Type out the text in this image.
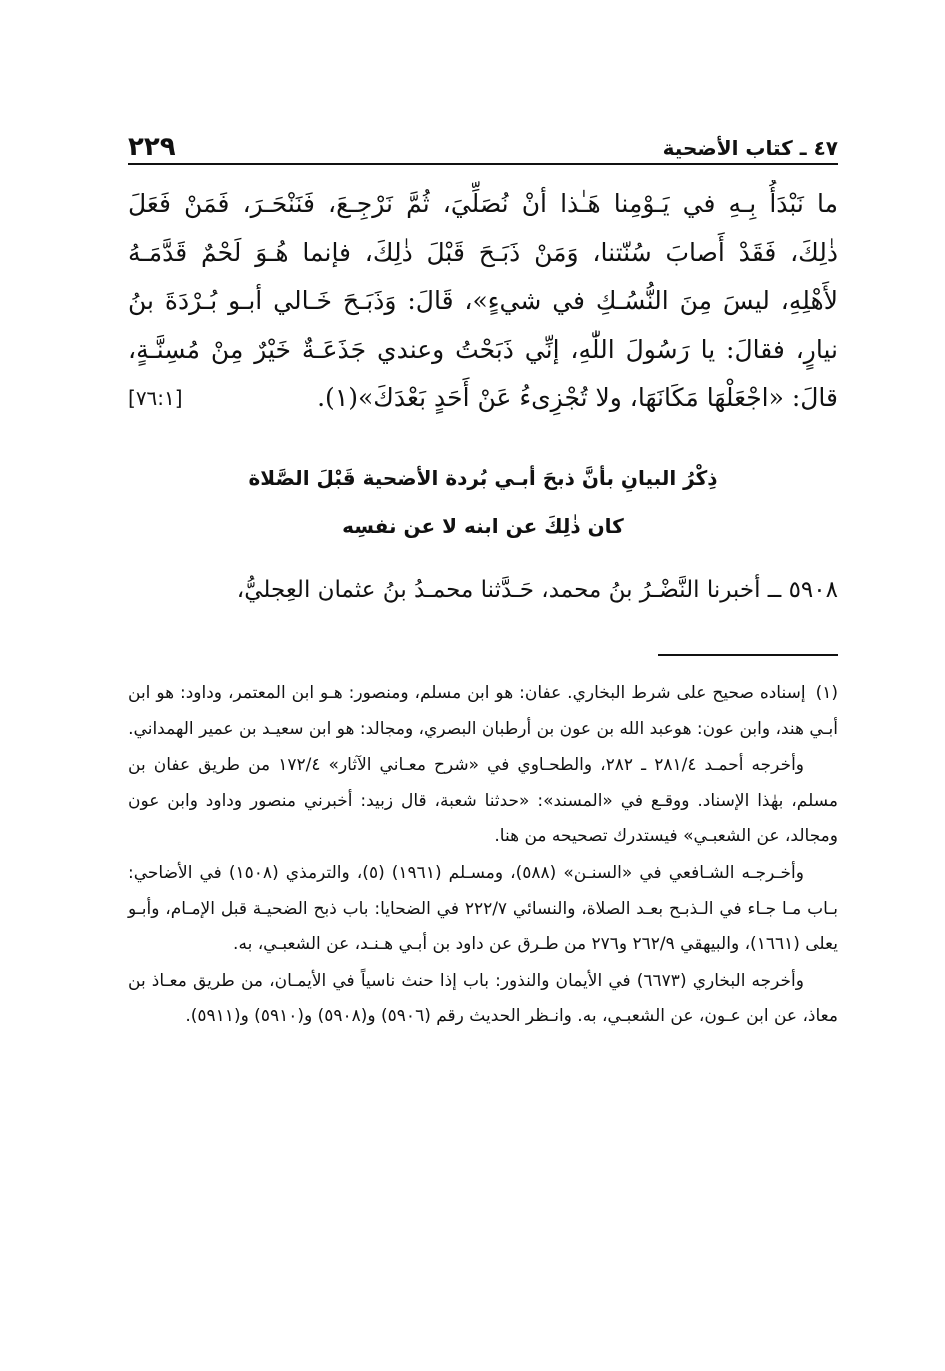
٤٧ ـ كتاب الأضحية
٢٢٩
ما نَبْدَأُ بِـهِ في يَـوْمِنا هَـٰذا أنْ نُصَلِّيَ، ثُمَّ نَرْجِـعَ، فَنَنْحَـرَ، فَمَنْ فَعَلَ
ذٰلِكَ، فَقَدْ أَصابَ سُنّتنا، وَمَنْ ذَبَـحَ قَبْلَ ذٰلِكَ، فإنما هُـوَ لَحْمٌ قَدَّمَـهُ
لأَهْلِهِ، ليسَ مِنَ النُّسُـكِ في شيءٍ»، قَالَ: وَذَبَـحَ خَـالي أبـو بُـرْدَةَ بنُ
نيارٍ، فقالَ: يا رَسُولَ اللّٰهِ، إنِّي ذَبَحْتُ وعندي جَذَعَـةٌ خَيْرٌ مِنْ مُسِنَّـةٍ،
قالَ: «اجْعَلْهَا مَكَانَهَا، ولا تُجْزِىءُ عَنْ أَحَدٍ بَعْدَكَ»(١).
[٧٦:١]
ذِكْرُ البيانِ بأنَّ ذبحَ أبـي بُردة الأضحية قَبْلَ الصَّلاة
كان ذٰلِكَ عن ابنه لا عن نفسِه
٥٩٠٨ ــ أخبرنا النَّضْـرُ بنُ محمد، حَـدَّثنا محمـدُ بنُ عثمان العِجليُّ،

(١)إسناده صحيح على شرط البخاري. عفان: هو ابن مسلم، ومنصور: هـو ابن المعتمر، وداود: هو ابن أبـي هند، وابن عون: هوعبد الله بن عون بن أرطبان البصري، ومجالد: هو ابن سعيـد بن عمير الهمداني.

وأخرجه أحمـد ٢٨١/٤ ـ ٢٨٢، والطحـاوي في «شرح معـاني الآثار» ١٧٢/٤ من طريق عفان بن مسلم، بهٰذا الإسناد. ووقـع في «المسند»: «حدثنا شعبة، قال زبيد: أخبرني منصور وداود وابن عون ومجالد، عن الشعبـي» فيستدرك تصحيحه من هنا.

وأخـرجـه الشـافعي في «السنـن» (٥٨٨)، ومسـلم (١٩٦١) (٥)، والترمذي (١٥٠٨) في الأضاحي: بـاب مـا جـاء في الـذبـح بعـد الصلاة، والنسائي ٢٢٢/٧ في الضحايا: باب ذبح الضحيـة قبل الإمـام، وأبـو يعلى (١٦٦١)، والبيهقي ٢٦٢/٩ و٢٧٦ من طـرق عن داود بن أبـي هـنـد، عن الشعبـي، به.

وأخرجه البخاري (٦٦٧٣) في الأيمان والنذور: باب إذا حنث ناسياً في الأيمـان، من طريق معـاذ بن معاذ، عن ابن عـون، عن الشعبـي، به. وانـظر الحديث رقم (٥٩٠٦) و(٥٩٠٨) و(٥٩١٠) و(٥٩١١).
